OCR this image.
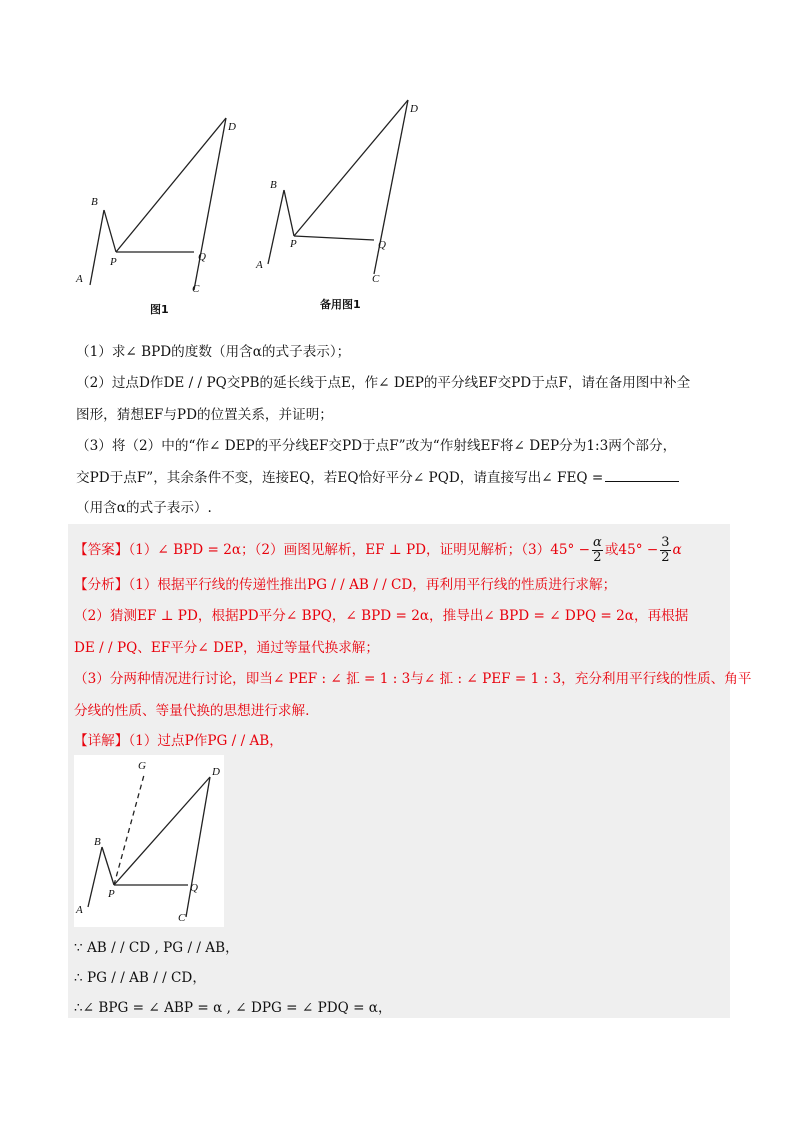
A
B
P
D
Q
C
图1
A
B
P
D
Q
C
备用图1
（1）求∠ BPD的度数（用含α的式子表示）；
（2）过点D作DE / / PQ交PB的延长线于点E，作∠ DEP的平分线EF交PD于点F，请在备用图中补全
图形，猜想EF与PD的位置关系，并证明；
（3）将（2）中的“作∠ DEP的平分线EF交PD于点F”改为“作射线EF将∠ DEP分为1:3两个部分，
交PD于点F”，其余条件不变，连接EQ，若EQ恰好平分∠ PQD，请直接写出∠ FEQ =
（用含α的式子表示）.
【答案】（1）∠ BPD = 2α；（2）画图见解析，EF ⊥ PD，证明见解析；$(3)45^\circ - \frac{\alpha}{2}$ 或$45^\circ - \frac{3}{2}$ α
【分析】（1）根据平行线的传递性推出PG / / AB / / CD，再利用平行线的性质进行求解；
（2）猜测EF ⊥ PD，根据PD平分∠ BPQ，∠ BPD = 2α，推导出∠ BPD = ∠ DPQ = 2α，再根据
DE / / PQ、EF平分∠ DEP，通过等量代换求解；
（3）分两种情况进行讨论，即当∠ PEF : ∠ 㧟 = 1 : 3与∠ 㧟 : ∠ PEF = 1 : 3，充分利用平行线的性质、角平
分线的性质、等量代换的思想进行求解.
【详解】（1）过点P作PG / / AB，
G	D
B
P	Q
A
C
∵ AB / / CD , PG / / AB，
∴ PG / / AB / / CD，
∴∠ BPG = ∠ ABP = α , ∠ DPG = ∠ PDQ = α，
